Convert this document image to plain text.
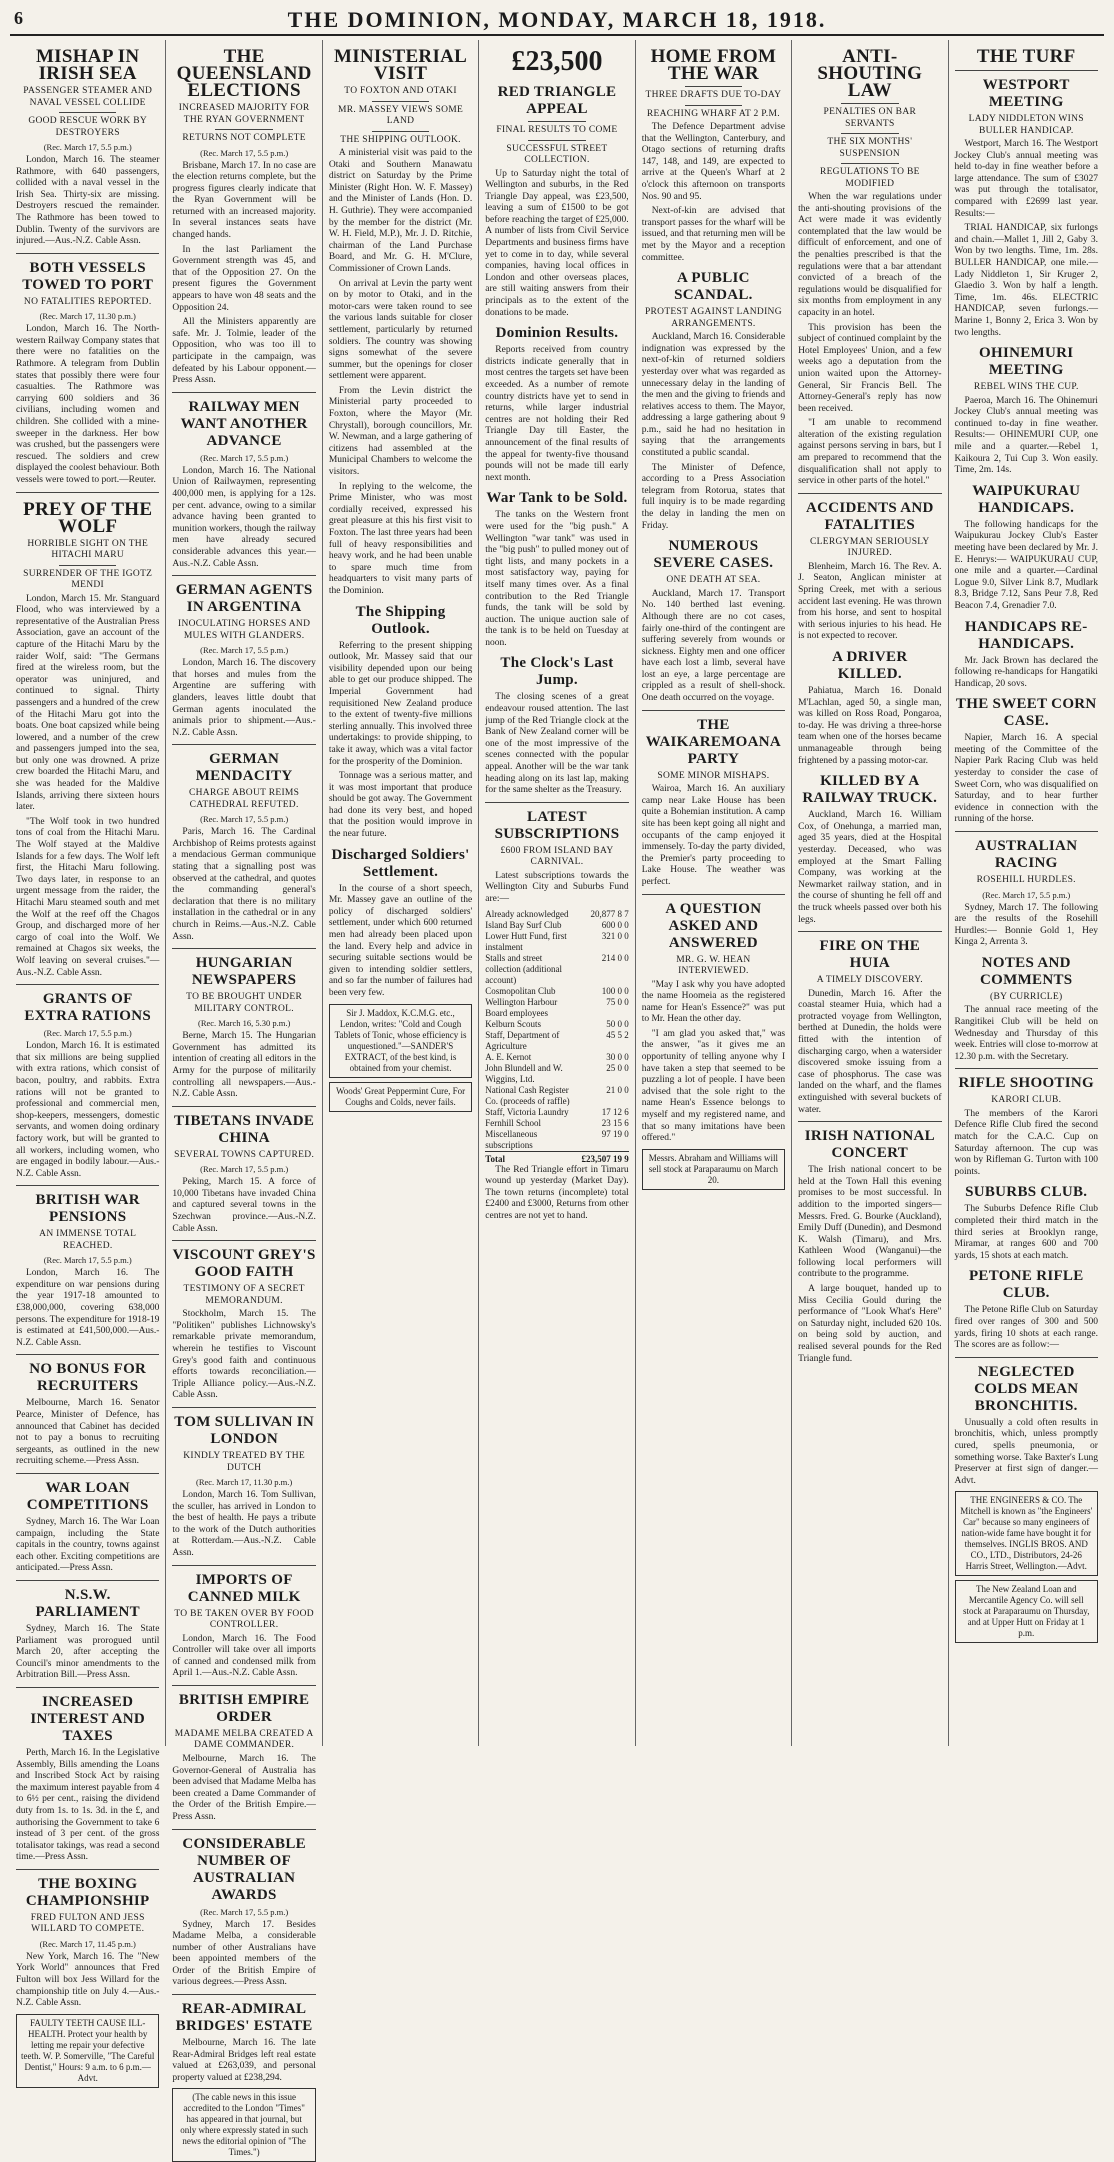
6	THE DOMINION, MONDAY, MARCH 18, 1918.
MISHAP IN IRISH SEA
PASSENGER STEAMER AND NAVAL VESSEL COLLIDE
GOOD RESCUE WORK BY DESTROYERS
(Rec. March 17, 5.5 p.m.)

London, March 16. The steamer Rathmore, with 640 passengers, collided with a naval vessel in the Irish Sea. Thirty-six are missing. Destroyers rescued the remainder. The Rathmore has been towed to Dublin. Twenty of the survivors are injured.—Aus.-N.Z. Cable Assn.

BOTH VESSELS TOWED TO PORT
NO FATALITIES REPORTED.
(Rec. March 17, 11.30 p.m.)

London, March 16. The North-western Railway Company states that there were no fatalities on the Rathmore. A telegram from Dublin states that possibly there were four casualties. The Rathmore was carrying 600 soldiers and 36 civilians, including women and children. She collided with a mine-sweeper in the darkness. Her bow was crushed, but the passengers were rescued. The soldiers and crew displayed the coolest behaviour. Both vessels were towed to port.—Reuter.

PREY OF THE WOLF
HORRIBLE SIGHT ON THE HITACHI MARU
SURRENDER OF THE IGOTZ MENDI

London, March 15. Mr. Stanguard Flood, who was interviewed by a representative of the Australian Press Association, gave an account of the capture of the Hitachi Maru by the raider Wolf, said: "The Germans fired at the wireless room, but the operator was uninjured, and continued to signal. Thirty passengers and a hundred of the crew of the Hitachi Maru got into the boats. One boat capsized while being lowered, and a number of the crew and passengers jumped into the sea, but only one was drowned. A prize crew boarded the Hitachi Maru, and she was headed for the Maldive Islands, arriving there sixteen hours later.

"The Wolf took in two hundred tons of coal from the Hitachi Maru. The Wolf stayed at the Maldive Islands for a few days. The Wolf left first, the Hitachi Maru following. Two days later, in response to an urgent message from the raider, the Hitachi Maru steamed south and met the Wolf at the reef off the Chagos Group, and discharged more of her cargo of coal into the Wolf. We remained at Chagos six weeks, the Wolf leaving on several cruises."—Aus.-N.Z. Cable Assn.

GRANTS OF EXTRA RATIONS
(Rec. March 17, 5.5 p.m.)

London, March 16. It is estimated that six millions are being supplied with extra rations, which consist of bacon, poultry, and rabbits. Extra rations will not be granted to professional and commercial men, shop-keepers, messengers, domestic servants, and women doing ordinary factory work, but will be granted to all workers, including women, who are engaged in bodily labour.—Aus.-N.Z. Cable Assn.

BRITISH WAR PENSIONS
AN IMMENSE TOTAL REACHED.
(Rec. March 17, 5.5 p.m.)

London, March 16. The expenditure on war pensions during the year 1917-18 amounted to £38,000,000, covering 638,000 persons. The expenditure for 1918-19 is estimated at £41,500,000.—Aus.-N.Z. Cable Assn.

NO BONUS FOR RECRUITERS

Melbourne, March 16. Senator Pearce, Minister of Defence, has announced that Cabinet has decided not to pay a bonus to recruiting sergeants, as outlined in the new recruiting scheme.—Press Assn.

WAR LOAN COMPETITIONS

Sydney, March 16. The War Loan campaign, including the State capitals in the country, towns against each other. Exciting competitions are anticipated.—Press Assn.

N.S.W. PARLIAMENT

Sydney, March 16. The State Parliament was prorogued until March 20, after accepting the Council's minor amendments to the Arbitration Bill.—Press Assn.

INCREASED INTEREST AND TAXES

Perth, March 16. In the Legislative Assembly, Bills amending the Loans and Inscribed Stock Act by raising the maximum interest payable from 4 to 6½ per cent., raising the dividend duty from 1s. to 1s. 3d. in the £, and authorising the Government to take 6 instead of 3 per cent. of the gross totalisator takings, was read a second time.—Press Assn.

THE BOXING CHAMPIONSHIP
FRED FULTON AND JESS WILLARD TO COMPETE.
(Rec. March 17, 11.45 p.m.)

New York, March 16. The "New York World" announces that Fred Fulton will box Jess Willard for the championship title on July 4.—Aus.-N.Z. Cable Assn.

FAULTY TEETH CAUSE ILL-HEALTH. Protect your health by letting me repair your defective teeth. W. P. Somerville, "The Careful Dentist," Hours: 9 a.m. to 6 p.m.—Advt.
THE QUEENSLAND ELECTIONS
INCREASED MAJORITY FOR THE RYAN GOVERNMENT
RETURNS NOT COMPLETE
(Rec. March 17, 5.5 p.m.)

Brisbane, March 17. In no case are the election returns complete, but the progress figures clearly indicate that the Ryan Government will be returned with an increased majority. In several instances seats have changed hands.

In the last Parliament the Government strength was 45, and that of the Opposition 27. On the present figures the Government appears to have won 48 seats and the Opposition 24.

All the Ministers apparently are safe. Mr. J. Tolmie, leader of the Opposition, who was too ill to participate in the campaign, was defeated by his Labour opponent.—Press Assn.

RAILWAY MEN WANT ANOTHER ADVANCE
(Rec. March 17, 5.5 p.m.)

London, March 16. The National Union of Railwaymen, representing 400,000 men, is applying for a 12s. per cent. advance, owing to a similar advance having been granted to munition workers, though the railway men have already secured considerable advances this year.—Aus.-N.Z. Cable Assn.

GERMAN AGENTS IN ARGENTINA
INOCULATING HORSES AND MULES WITH GLANDERS.
(Rec. March 17, 5.5 p.m.)

London, March 16. The discovery that horses and mules from the Argentine are suffering with glanders, leaves little doubt that German agents inoculated the animals prior to shipment.—Aus.-N.Z. Cable Assn.

GERMAN MENDACITY
CHARGE ABOUT REIMS CATHEDRAL REFUTED.
(Rec. March 17, 5.5 p.m.)

Paris, March 16. The Cardinal Archbishop of Reims protests against a mendacious German communique stating that a signalling post was observed at the cathedral, and quotes the commanding general's declaration that there is no military installation in the cathedral or in any church in Reims.—Aus.-N.Z. Cable Assn.

HUNGARIAN NEWSPAPERS
TO BE BROUGHT UNDER MILITARY CONTROL.
(Rec. March 16, 5.30 p.m.)

Berne, March 15. The Hungarian Government has admitted its intention of creating all editors in the Army for the purpose of militarily controlling all newspapers.—Aus.-N.Z. Cable Assn.

TIBETANS INVADE CHINA
SEVERAL TOWNS CAPTURED.
(Rec. March 17, 5.5 p.m.)

Peking, March 15. A force of 10,000 Tibetans have invaded China and captured several towns in the Szechwan province.—Aus.-N.Z. Cable Assn.

VISCOUNT GREY'S GOOD FAITH
TESTIMONY OF A SECRET MEMORANDUM.

Stockholm, March 15. The "Politiken" publishes Lichnowsky's remarkable private memorandum, wherein he testifies to Viscount Grey's good faith and continuous efforts towards reconciliation.—Triple Alliance policy.—Aus.-N.Z. Cable Assn.

TOM SULLIVAN IN LONDON
KINDLY TREATED BY THE DUTCH
(Rec. March 17, 11.30 p.m.)

London, March 16. Tom Sullivan, the sculler, has arrived in London to the best of health. He pays a tribute to the work of the Dutch authorities at Rotterdam.—Aus.-N.Z. Cable Assn.

IMPORTS OF CANNED MILK
TO BE TAKEN OVER BY FOOD CONTROLLER.

London, March 16. The Food Controller will take over all imports of canned and condensed milk from April 1.—Aus.-N.Z. Cable Assn.

BRITISH EMPIRE ORDER
MADAME MELBA CREATED A DAME COMMANDER.

Melbourne, March 16. The Governor-General of Australia has been advised that Madame Melba has been created a Dame Commander of the Order of the British Empire.—Press Assn.

CONSIDERABLE NUMBER OF AUSTRALIAN AWARDS
(Rec. March 17, 5.5 p.m.)

Sydney, March 17. Besides Madame Melba, a considerable number of other Australians have been appointed members of the Order of the British Empire of various degrees.—Press Assn.

REAR-ADMIRAL BRIDGES' ESTATE

Melbourne, March 16. The late Rear-Admiral Bridges left real estate valued at £263,039, and personal property valued at £238,294.

(The cable news in this issue accredited to the London "Times" has appeared in that journal, but only where expressly stated in such news the editorial opinion of "The Times.")
MINISTERIAL VISIT
TO FOXTON AND OTAKI
MR. MASSEY VIEWS SOME LAND
THE SHIPPING OUTLOOK.

A ministerial visit was paid to the Otaki and Southern Manawatu district on Saturday by the Prime Minister (Right Hon. W. F. Massey) and the Minister of Lands (Hon. D. H. Guthrie). They were accompanied by the member for the district (Mr. W. H. Field, M.P.), Mr. J. D. Ritchie, chairman of the Land Purchase Board, and Mr. G. H. M'Clure, Commissioner of Crown Lands.

On arrival at Levin the party went on by motor to Otaki, and in the motor-cars were taken round to see the various lands suitable for closer settlement, particularly by returned soldiers. The country was showing signs somewhat of the severe summer, but the openings for closer settlement were apparent.

From the Levin district the Ministerial party proceeded to Foxton, where the Mayor (Mr. Chrystall), borough councillors, Mr. W. Newman, and a large gathering of citizens had assembled at the Municipal Chambers to welcome the visitors.

In replying to the welcome, the Prime Minister, who was most cordially received, expressed his great pleasure at this his first visit to Foxton. The last three years had been full of heavy responsibilities and heavy work, and he had been unable to spare much time from headquarters to visit many parts of the Dominion.

The Shipping Outlook.

Referring to the present shipping outlook, Mr. Massey said that our visibility depended upon our being able to get our produce shipped. The Imperial Government had requisitioned New Zealand produce to the extent of twenty-five millions sterling annually. This involved three undertakings: to provide shipping, to take it away, which was a vital factor for the prosperity of the Dominion.

Tonnage was a serious matter, and it was most important that produce should be got away. The Government had done its very best, and hoped that the position would improve in the near future.

Discharged Soldiers' Settlement.

In the course of a short speech, Mr. Massey gave an outline of the policy of discharged soldiers' settlement, under which 600 returned men had already been placed upon the land. Every help and advice in securing suitable sections would be given to intending soldier settlers, and so far the number of failures had been very few.

Sir J. Maddox, K.C.M.G. etc., Lendon, writes: "Cold and Cough Tablets of Tonic, whose efficiency is unquestioned."—SANDER'S EXTRACT, of the best kind, is obtained from your chemist.
Woods' Great Peppermint Cure, For Coughs and Colds, never fails.
£23,500
RED TRIANGLE APPEAL
FINAL RESULTS TO COME
SUCCESSFUL STREET COLLECTION.

Up to Saturday night the total of Wellington and suburbs, in the Red Triangle Day appeal, was £23,500, leaving a sum of £1500 to be got before reaching the target of £25,000. A number of lists from Civil Service Departments and business firms have yet to come in to day, while several companies, having local offices in London and other overseas places, are still waiting answers from their principals as to the extent of the donations to be made.

Dominion Results.

Reports received from country districts indicate generally that in most centres the targets set have been exceeded. As a number of remote country districts have yet to send in returns, while larger industrial centres are not holding their Red Triangle Day till Easter, the announcement of the final results of the appeal for twenty-five thousand pounds will not be made till early next month.

War Tank to be Sold.

The tanks on the Western front were used for the "big push." A Wellington "war tank" was used in the "big push" to pulled money out of tight lists, and many pockets in a most satisfactory way, paying for itself many times over. As a final contribution to the Red Triangle funds, the tank will be sold by auction. The unique auction sale of the tank is to be held on Tuesday at noon.

The Clock's Last Jump.

The closing scenes of a great endeavour roused attention. The last jump of the Red Triangle clock at the Bank of New Zealand corner will be one of the most impressive of the scenes connected with the popular appeal. Another will be the war tank heading along on its last lap, making for the same shelter as the Treasury.

LATEST SUBSCRIPTIONS
£600 FROM ISLAND BAY CARNIVAL.

Latest subscriptions towards the Wellington City and Suburbs Fund are:—

Already acknowledged	20,877 8 7
Island Bay Surf Club	600 0 0
Lower Hutt Fund, first instalment	321 0 0
Stalls and street collection (additional account)	214 0 0
Cosmopolitan Club	100 0 0
Wellington Harbour Board employees	75 0 0
Kelburn Scouts	50 0 0
Staff, Department of Agriculture	45 5 2
A. E. Kernot	30 0 0
John Blundell and W. Wiggins, Ltd.	25 0 0
National Cash Register Co. (proceeds of raffle)	21 0 0
Staff, Victoria Laundry	17 12 6
Fernhill School	23 15 6
Miscellaneous subscriptions	97 19 0
Total	£23,507 19 9

The Red Triangle effort in Timaru wound up yesterday (Market Day). The town returns (incomplete) total £2400 and £3000, Returns from other centres are not yet to hand.

HOME FROM THE WAR
THREE DRAFTS DUE TO-DAY
REACHING WHARF AT 2 P.M.

The Defence Department advise that the Wellington, Canterbury, and Otago sections of returning drafts 147, 148, and 149, are expected to arrive at the Queen's Wharf at 2 o'clock this afternoon on transports Nos. 90 and 95.

Next-of-kin are advised that transport passes for the wharf will be issued, and that returning men will be met by the Mayor and a reception committee.

A PUBLIC SCANDAL.
PROTEST AGAINST LANDING ARRANGEMENTS.

Auckland, March 16. Considerable indignation was expressed by the next-of-kin of returned soldiers yesterday over what was regarded as unnecessary delay in the landing of the men and the giving to friends and relatives access to them. The Mayor, addressing a large gathering about 9 p.m., said he had no hesitation in saying that the arrangements constituted a public scandal.

The Minister of Defence, according to a Press Association telegram from Rotorua, states that full inquiry is to be made regarding the delay in landing the men on Friday.

NUMEROUS SEVERE CASES.
ONE DEATH AT SEA.

Auckland, March 17. Transport No. 140 berthed last evening. Although there are no cot cases, fairly one-third of the contingent are suffering severely from wounds or sickness. Eighty men and one officer have each lost a limb, several have lost an eye, a large percentage are crippled as a result of shell-shock. One death occurred on the voyage.

THE WAIKAREMOANA PARTY
SOME MINOR MISHAPS.

Wairoa, March 16. An auxiliary camp near Lake House has been quite a Bohemian institution. A camp site has been kept going all night and occupants of the camp enjoyed it immensely. To-day the party divided, the Premier's party proceeding to Lake House. The weather was perfect.

A QUESTION ASKED AND ANSWERED
MR. G. W. HEAN INTERVIEWED.

"May I ask why you have adopted the name Hoomeia as the registered name for Hean's Essence?" was put to Mr. Hean the other day.

"I am glad you asked that," was the answer, "as it gives me an opportunity of telling anyone why I have taken a step that seemed to be puzzling a lot of people. I have been advised that the sole right to the name Hean's Essence belongs to myself and my registered name, and that so many imitations have been offered."

Messrs. Abraham and Williams will sell stock at Paraparaumu on March 20.
ANTI-SHOUTING LAW
PENALTIES ON BAR SERVANTS
THE SIX MONTHS' SUSPENSION
REGULATIONS TO BE MODIFIED

When the war regulations under the anti-shouting provisions of the Act were made it was evidently contemplated that the law would be difficult of enforcement, and one of the penalties prescribed is that the regulations were that a bar attendant convicted of a breach of the regulations would be disqualified for six months from employment in any capacity in an hotel.

This provision has been the subject of continued complaint by the Hotel Employees' Union, and a few weeks ago a deputation from the union waited upon the Attorney-General, Sir Francis Bell. The Attorney-General's reply has now been received.

"I am unable to recommend alteration of the existing regulation against persons serving in bars, but I am prepared to recommend that the disqualification shall not apply to service in other parts of the hotel."

ACCIDENTS AND FATALITIES
CLERGYMAN SERIOUSLY INJURED.

Blenheim, March 16. The Rev. A. J. Seaton, Anglican minister at Spring Creek, met with a serious accident last evening. He was thrown from his horse, and sent to hospital with serious injuries to his head. He is not expected to recover.

A DRIVER KILLED.

Pahiatua, March 16. Donald M'Lachlan, aged 50, a single man, was killed on Ross Road, Pongaroa, to-day. He was driving a three-horse team when one of the horses became unmanageable through being frightened by a passing motor-car.

KILLED BY A RAILWAY TRUCK.

Auckland, March 16. William Cox, of Onehunga, a married man, aged 35 years, died at the Hospital yesterday. Deceased, who was employed at the Smart Falling Company, was working at the Newmarket railway station, and in the course of shunting he fell off and the truck wheels passed over both his legs.

FIRE ON THE HUIA
A TIMELY DISCOVERY.

Dunedin, March 16. After the coastal steamer Huia, which had a protracted voyage from Wellington, berthed at Dunedin, the holds were fitted with the intention of discharging cargo, when a watersider discovered smoke issuing from a case of phosphorus. The case was landed on the wharf, and the flames extinguished with several buckets of water.

IRISH NATIONAL CONCERT

The Irish national concert to be held at the Town Hall this evening promises to be most successful. In addition to the imported singers—Messrs. Fred. G. Bourke (Auckland), Emily Duff (Dunedin), and Desmond K. Walsh (Timaru), and Mrs. Kathleen Wood (Wanganui)—the following local performers will contribute to the programme.

A large bouquet, handed up to Miss Cecilia Gould during the performance of "Look What's Here" on Saturday night, included 620 10s. on being sold by auction, and realised several pounds for the Red Triangle fund.

THE TURF
WESTPORT MEETING
LADY NIDDLETON WINS BULLER HANDICAP.

Westport, March 16. The Westport Jockey Club's annual meeting was held to-day in fine weather before a large attendance. The sum of £3027 was put through the totalisator, compared with £2699 last year. Results:—

TRIAL HANDICAP, six furlongs and chain.—Mallet 1, Jill 2, Gaby 3. Won by two lengths. Time, 1m. 28s. BULLER HANDICAP, one mile.—Lady Niddleton 1, Sir Kruger 2, Glaedio 3. Won by half a length. Time, 1m. 46s. ELECTRIC HANDICAP, seven furlongs.—Marine 1, Bonny 2, Erica 3. Won by two lengths.

OHINEMURI MEETING
REBEL WINS THE CUP.

Paeroa, March 16. The Ohinemuri Jockey Club's annual meeting was continued to-day in fine weather. Results:— OHINEMURI CUP, one mile and a quarter.—Rebel 1, Kaikoura 2, Tui Cup 3. Won easily. Time, 2m. 14s.

WAIPUKURAU HANDICAPS.

The following handicaps for the Waipukurau Jockey Club's Easter meeting have been declared by Mr. J. E. Henrys:— WAIPUKURAU CUP, one mile and a quarter.—Cardinal Logue 9.0, Silver Link 8.7, Mudlark 8.3, Bridge 7.12, Sans Peur 7.8, Red Beacon 7.4, Grenadier 7.0.

HANDICAPS RE-HANDICAPS.

Mr. Jack Brown has declared the following re-handicaps for Hangatiki Handicap, 20 sovs.

THE SWEET CORN CASE.

Napier, March 16. A special meeting of the Committee of the Napier Park Racing Club was held yesterday to consider the case of Sweet Corn, who was disqualified on Saturday, and to hear further evidence in connection with the running of the horse.

AUSTRALIAN RACING
ROSEHILL HURDLES.
(Rec. March 17, 5.5 p.m.)

Sydney, March 17. The following are the results of the Rosehill Hurdles:— Bonnie Gold 1, Hey Kinga 2, Arrenta 3.

NOTES AND COMMENTS
(BY CURRICLE)

The annual race meeting of the Rangitikei Club will be held on Wednesday and Thursday of this week. Entries will close to-morrow at 12.30 p.m. with the Secretary.

RIFLE SHOOTING
KARORI CLUB.

The members of the Karori Defence Rifle Club fired the second match for the C.A.C. Cup on Saturday afternoon. The cup was won by Rifleman G. Turton with 100 points.

SUBURBS CLUB.

The Suburbs Defence Rifle Club completed their third match in the third series at Brooklyn range, Miramar, at ranges 600 and 700 yards, 15 shots at each match.

PETONE RIFLE CLUB.

The Petone Rifle Club on Saturday fired over ranges of 300 and 500 yards, firing 10 shots at each range. The scores are as follow:—

NEGLECTED COLDS MEAN BRONCHITIS.

Unusually a cold often results in bronchitis, which, unless promptly cured, spells pneumonia, or something worse. Take Baxter's Lung Preserver at first sign of danger.—Advt.

THE ENGINEERS & CO. The Mitchell is known as "the Engineers' Car" because so many engineers of nation-wide fame have bought it for themselves. INGLIS BROS. AND CO., LTD., Distributors, 24-26 Harris Street, Wellington.—Advt.
The New Zealand Loan and Mercantile Agency Co. will sell stock at Paraparaumu on Thursday, and at Upper Hutt on Friday at 1 p.m.
